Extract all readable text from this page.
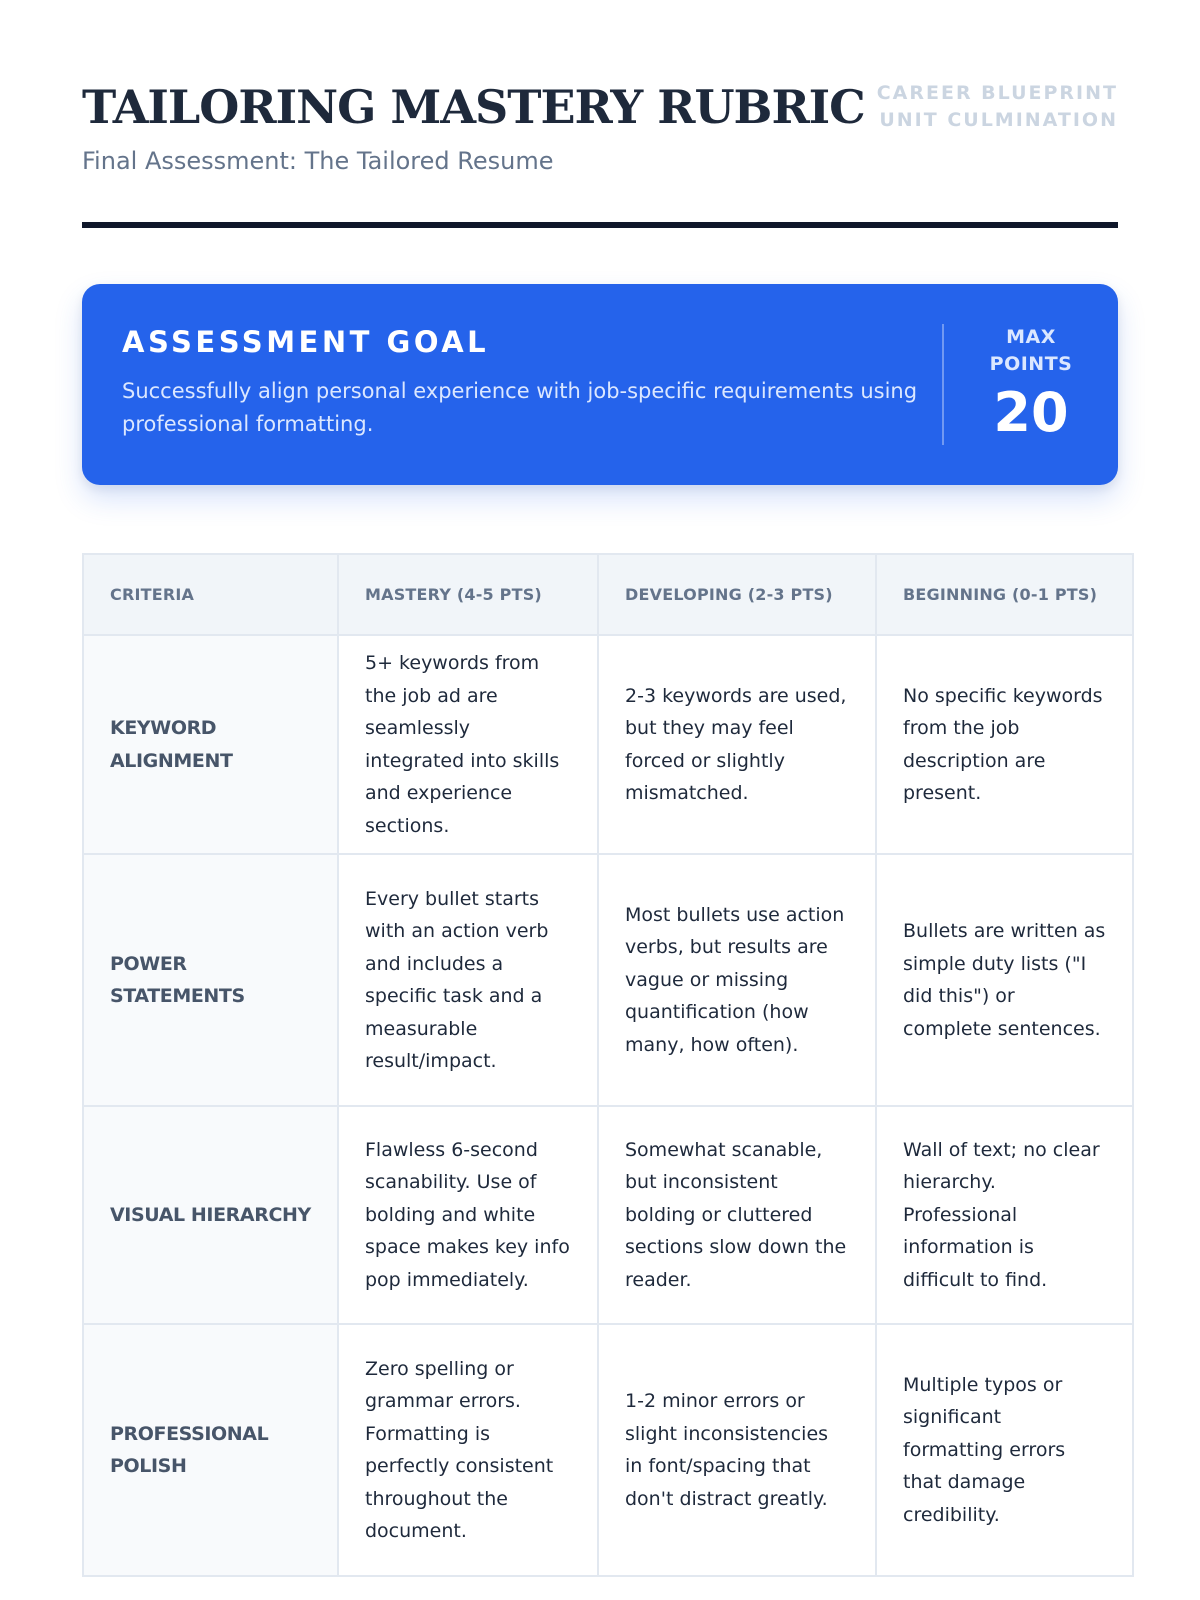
TAILORING MASTERY RUBRIC

Final Assessment: The Tailored Resume

CAREER BLUEPRINT
UNIT CULMINATION
ASSESSMENT GOAL

Successfully align personal experience with job-specific requirements using professional formatting.

MAX
POINTS
20
CRITERIA	MASTERY (4-5 PTS)	DEVELOPING (2-3 PTS)	BEGINNING (0-1 PTS)
KEYWORD ALIGNMENT	5+ keywords from the job ad are seamlessly integrated into skills and experience sections.	2-3 keywords are used, but they may feel forced or slightly mismatched.	No specific keywords from the job description are present.
POWER STATEMENTS	Every bullet starts with an action verb and includes a specific task and a measurable result/impact.	Most bullets use action verbs, but results are vague or missing quantification (how many, how often).	Bullets are written as simple duty lists ("I did this") or complete sentences.
VISUAL HIERARCHY	Flawless 6-second scanability. Use of bolding and white space makes key info pop immediately.	Somewhat scanable, but inconsistent bolding or cluttered sections slow down the reader.	Wall of text; no clear hierarchy. Professional information is difficult to find.
PROFESSIONAL POLISH	Zero spelling or grammar errors. Formatting is perfectly consistent throughout the document.	1-2 minor errors or slight inconsistencies in font/spacing that don't distract greatly.	Multiple typos or significant formatting errors that damage credibility.
